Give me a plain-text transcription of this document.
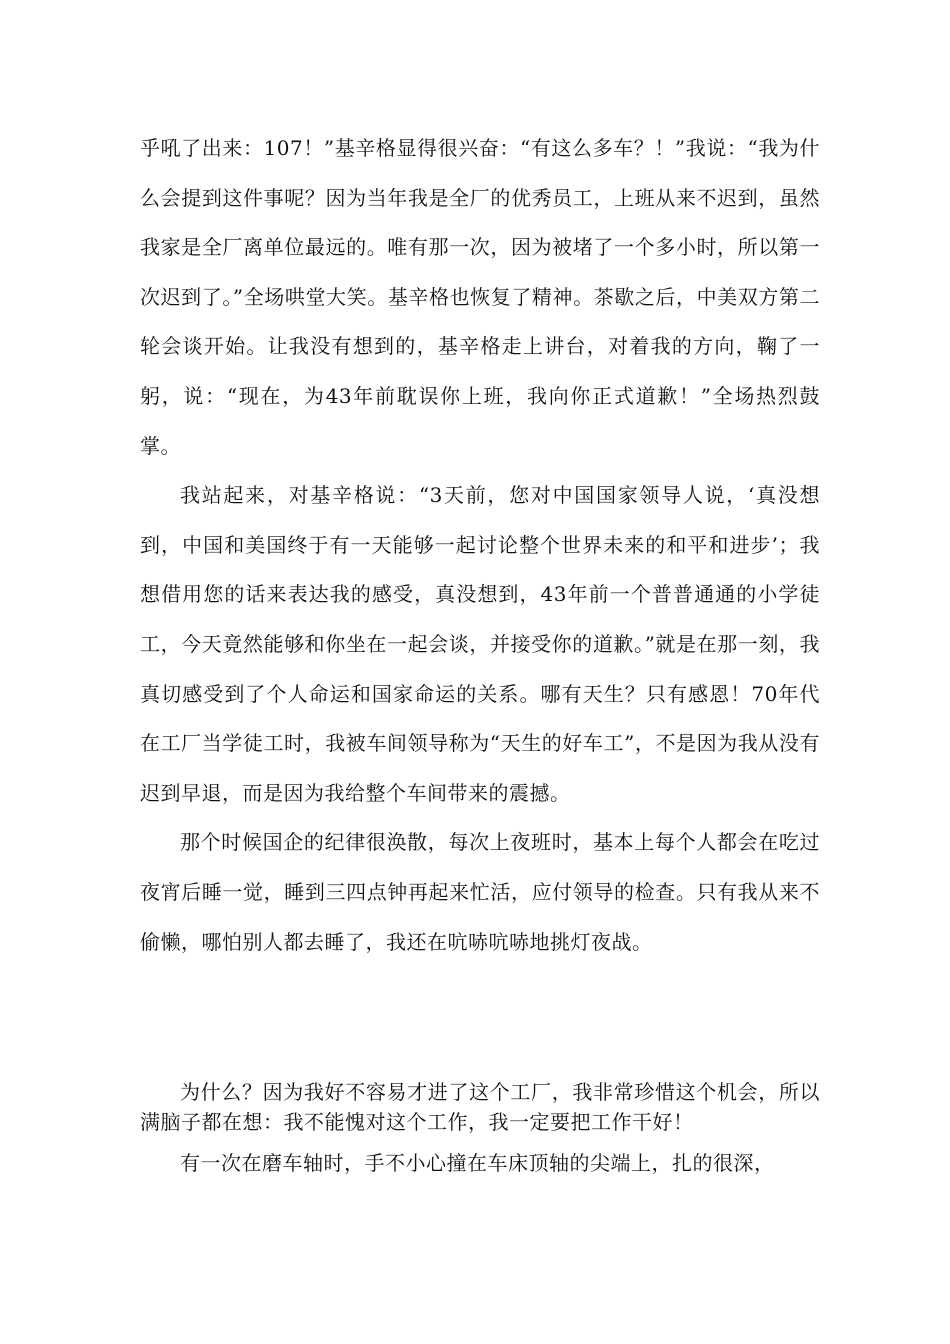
乎吼了出来：107！”基辛格显得很兴奋：“有这么多车？！”我说：“我为什么会提到这件事呢？因为当年我是全厂的优秀员工，上班从来不迟到，虽然我家是全厂离单位最远的。唯有那一次，因为被堵了一个多小时，所以第一次迟到了。”全场哄堂大笑。基辛格也恢复了精神。茶歇之后，中美双方第二轮会谈开始。让我没有想到的，基辛格走上讲台，对着我的方向，鞠了一躬，说：“现在，为43年前耽误你上班，我向你正式道歉！”全场热烈鼓掌。

我站起来，对基辛格说：“3天前，您对中国国家领导人说，‘真没想到，中国和美国终于有一天能够一起讨论整个世界未来的和平和进步’；我想借用您的话来表达我的感受，真没想到，43年前一个普普通通的小学徒工，今天竟然能够和你坐在一起会谈，并接受你的道歉。”就是在那一刻，我真切感受到了个人命运和国家命运的关系。哪有天生？只有感恩！70年代在工厂当学徒工时，我被车间领导称为“天生的好车工”，不是因为我从没有迟到早退，而是因为我给整个车间带来的震撼。

那个时候国企的纪律很涣散，每次上夜班时，基本上每个人都会在吃过夜宵后睡一觉，睡到三四点钟再起来忙活，应付领导的检查。只有我从来不偷懒，哪怕别人都去睡了，我还在吭哧吭哧地挑灯夜战。

为什么？因为我好不容易才进了这个工厂，我非常珍惜这个机会，所以满脑子都在想：我不能愧对这个工作，我一定要把工作干好！

有一次在磨车轴时，手不小心撞在车床顶轴的尖端上，扎的很深，
